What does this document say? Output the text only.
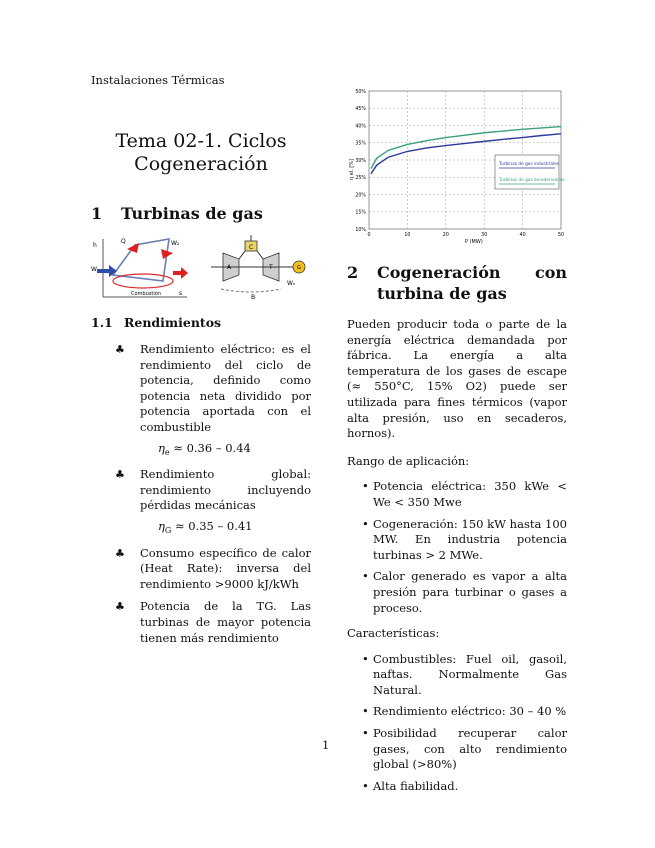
Instalaciones Térmicas
Tema 02-1. Ciclos
Cogeneración
1	Turbinas de gas
Q	W₂
W
h
Combustión	s
A
C
T	G
B
Wₙ
1.1 Rendimientos
♣ Rendimiento eléctrico: es el rendimiento del ciclo de potencia, definido como potencia neta dividido por potencia aportada con el combustible
$\eta_e \approx 0.36 - 0.44$
♣ Rendimiento global: rendimiento incluyendo pérdidas mecánicas
$\eta_G \approx 0.35 - 0.41$
♣ Consumo específico de calor (Heat Rate): inversa del rendimiento >9000 kJ/kWh
♣ Potencia de la TG. Las turbinas de mayor potencia tienen más rendimiento
10%
15%
20%
25%
30%
35%
40%
45%
50%
0	10	20	30	40	50
η el. [%]
P (MW)
Turbinas de gas industriales
Turbinas de gas aeroderivadas
2	Cogeneración con
turbina de gas

Pueden producir toda o parte de la energía eléctrica demandada por fábrica. La energía a alta temperatura de los gases de escape (≈ 550°C, 15% O2) puede ser utilizada para fines térmicos (vapor alta presión, uso en secaderos, hornos).

Rango de aplicación:

• Potencia eléctrica: 350 kWe < We < 350 Mwe
• Cogeneración: 150 kW hasta 100 MW. En industria potencia turbinas > 2 MWe.
• Calor generado es vapor a alta presión para turbinar o gases a proceso.

Características:

• Combustibles: Fuel oil, gasoil, naftas. Normalmente Gas Natural.
• Rendimiento eléctrico: 30 – 40 %
• Posibilidad recuperar calor gases, con alto rendimiento global (>80%)
• Alta fiabilidad.
1
